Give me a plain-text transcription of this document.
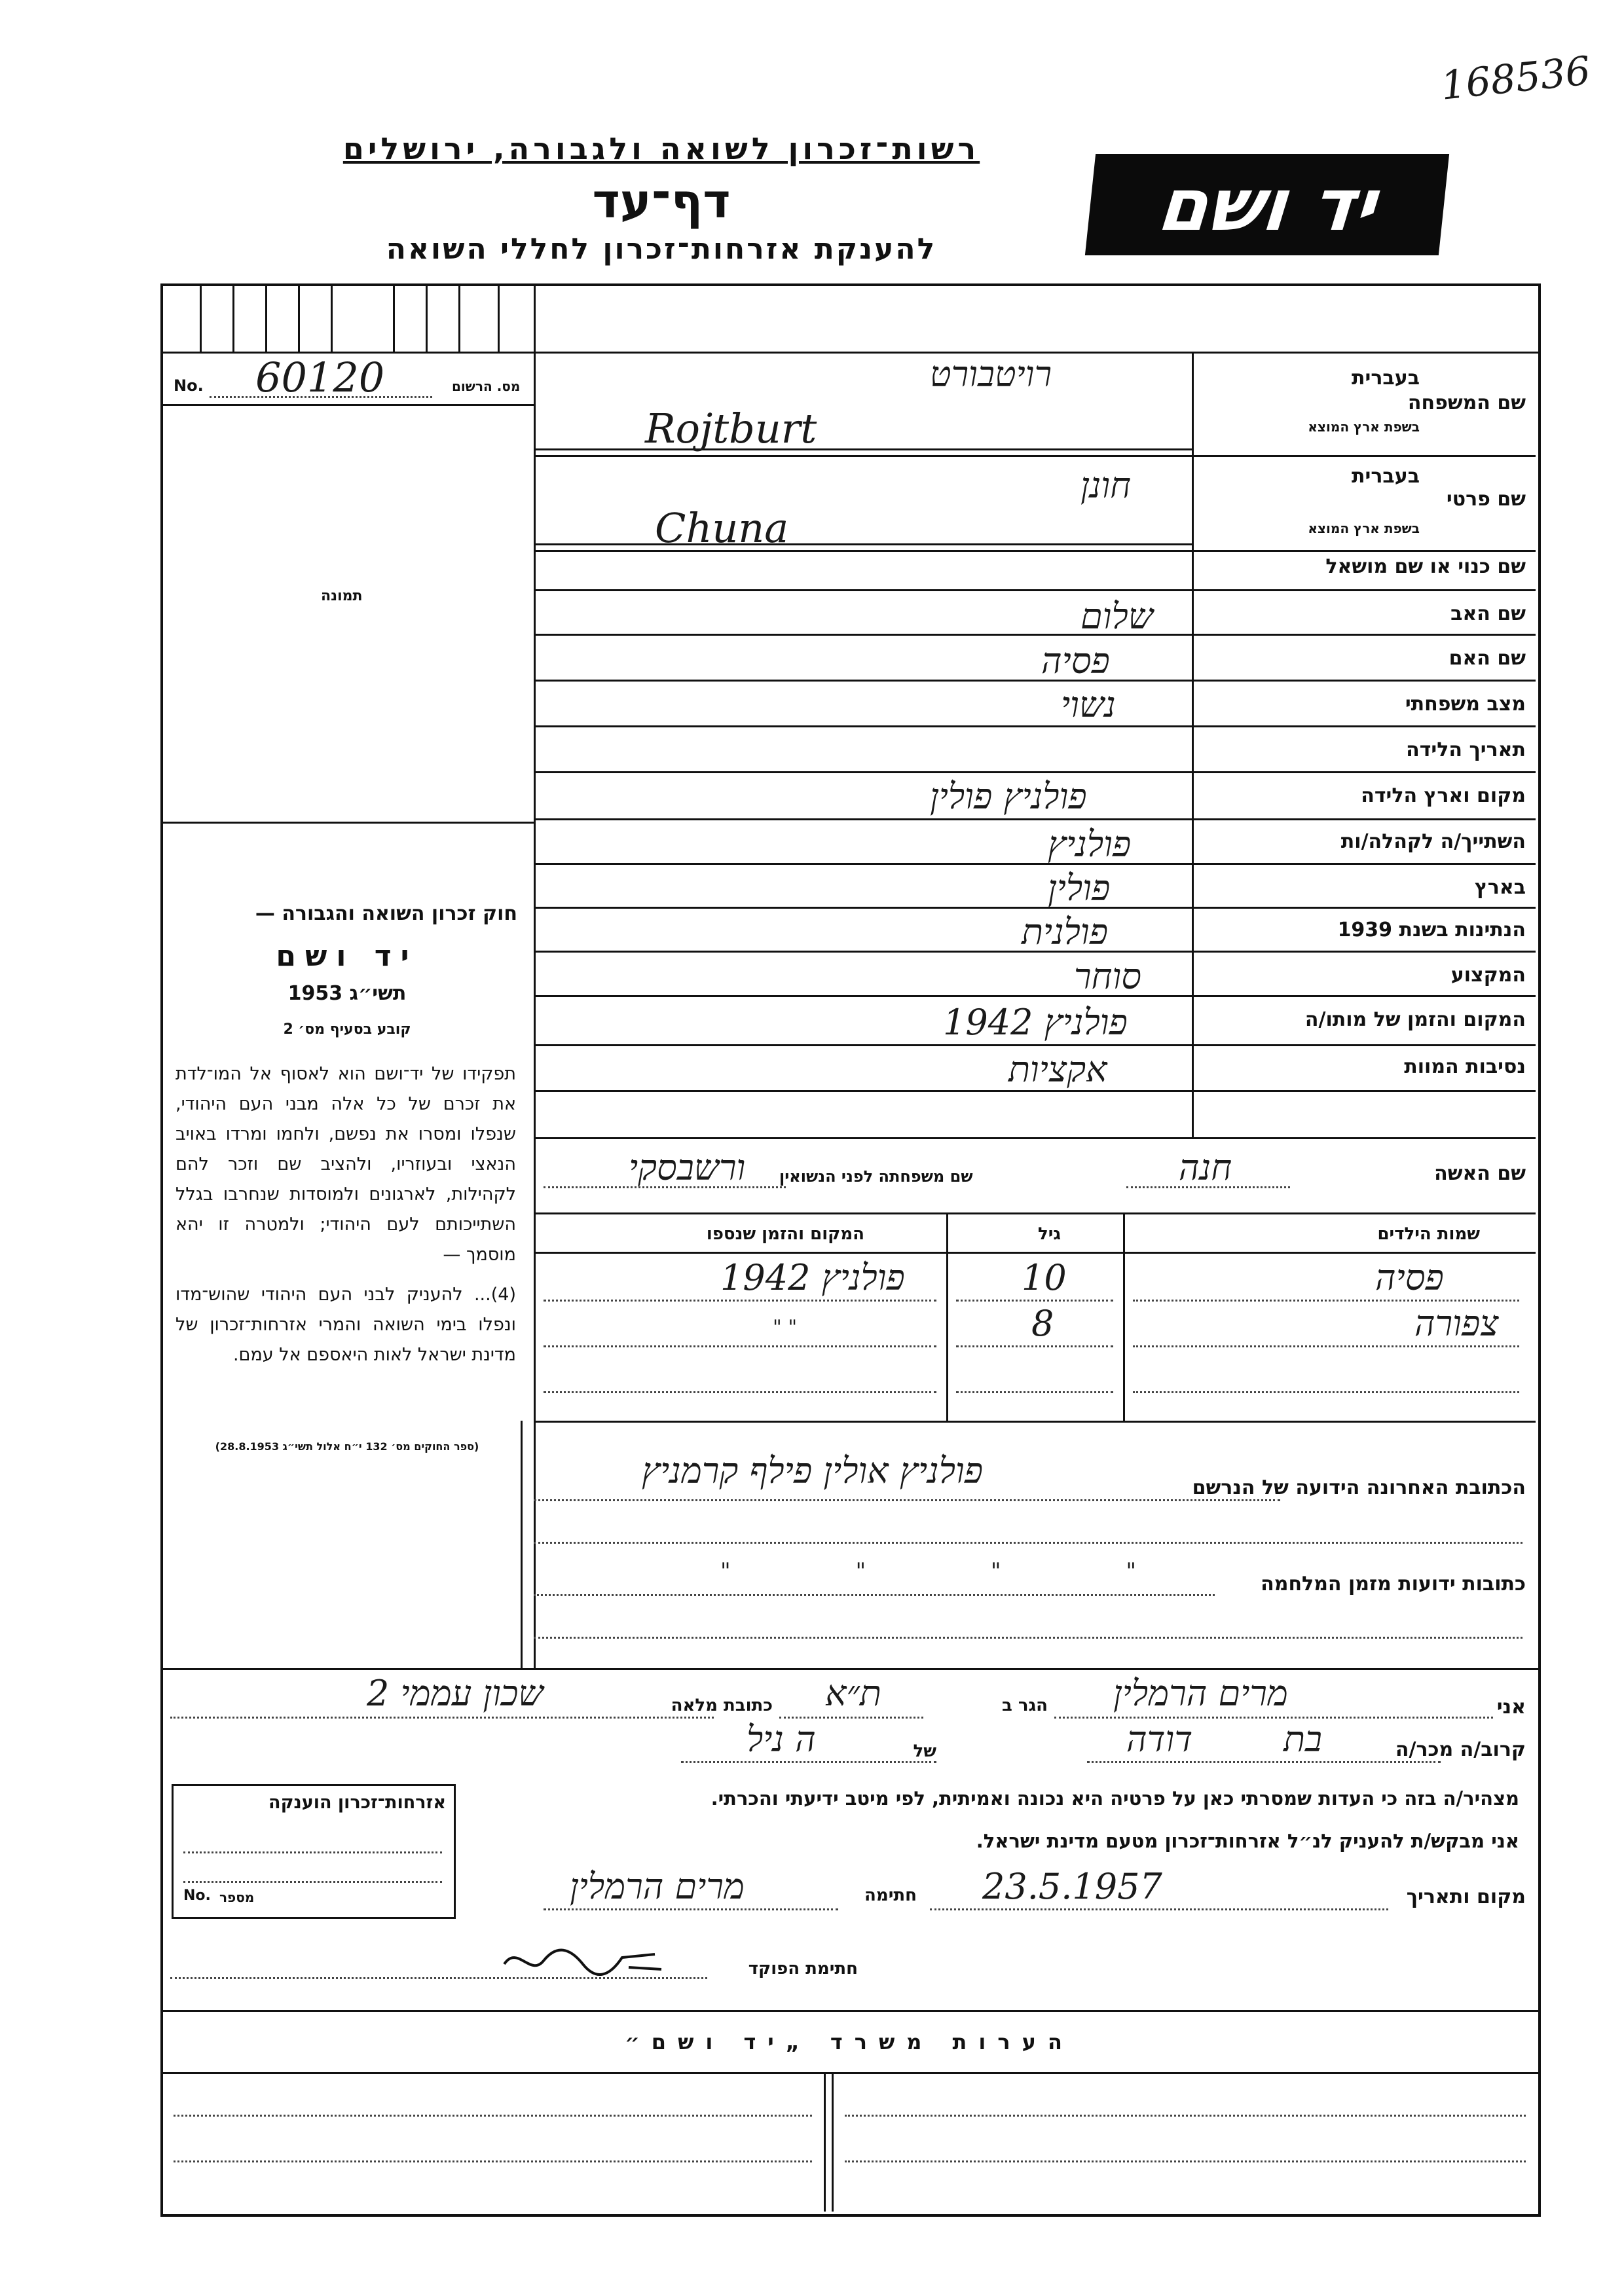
168536
רשות־זכרון לשואה ולגבורה, ירושלים
דף־עד
להענקת אזרחות־זכרון לחללי השואה
יד ושם
מס. הרשום
No. 60120
תמונה
חוק זכרון השואה והגבורה —
יד ושם
תשי״ג 1953
קובע בסעיף מס׳ 2
תפקידו של יד־ושם הוא לאסוף אל המו־לדת את זכרם של כל אלה מבני העם היהודי, שנפלו ומסרו את נפשם, ולחמו ומרדו באויב הנאצי ובעוזריו, ולהציב שם וזכר להם לקהילות, לארגונים ולמוסדות שנחרבו בגלל השתייכותם לעם היהודי; ולמטרה זו יהא מוסמך —
(4)... להעניק לבני העם היהודי שהוש־מדו ונפלו בימי השואה והמרי אזרחות־זכרון של מדינת ישראל לאות היאספם אל עמם.
(ספר החוקים מס׳ 132 י״ח אלול תשי״ג 28.8.1953)
בעברית
שם המשפחה
בשפת ארץ המוצא
בעברית
שם פרטי
בשפת ארץ המוצא
שם כנוי או שם מושאל
שם האב
שם האם
מצב משפחתי
תאריך הלידה
מקום וארץ הלידה
השתייך/ה לקהלה/ות
בארץ
הנתינות בשנת 1939
המקצוע
המקום והזמן של מותו/ה
נסיבות המוות
רויטבורט
Rojtburt
חונן
Chuna
שלום
פסיה
נשוי
פולניץ פולין
פולניץ
פולין
פולנית
סוחר
פולניץ 1942
אקציות
שם האשה
חנה
שם משפחתה לפני הנשואין
ורשבסקי
שמות הילדים
גיל
המקום והזמן שנספו
פסיה
10
פולניץ 1942
צפורה
8
" "
הכתובת האחרונה הידועה של הנרשם
פולניץ אולין פילף קרמניץ
כתובות ידועות מזמן המלחמה
" " " "
אני
מרים הרמלין
הגר ב
ת״א
כתובת מלאה
שכון עממי 2
קרוב/ה מכר/ה
בת
דודה
של
ה ניל
מצהיר/ה בזה כי העדות שמסרתי כאן על פרטיה היא נכונה ואמיתית, לפי מיטב ידיעתי והכרתי.
אני מבקש/ת להעניק לנ״ל אזרחות־זכרון מטעם מדינת ישראל.
מקום ותאריך
23.5.1957
חתימה
מרים הרמלין
אזרחות־זכרון הוענקה
No. מספר
חתימת הפוקד
הערות משרד „יד ושם״
